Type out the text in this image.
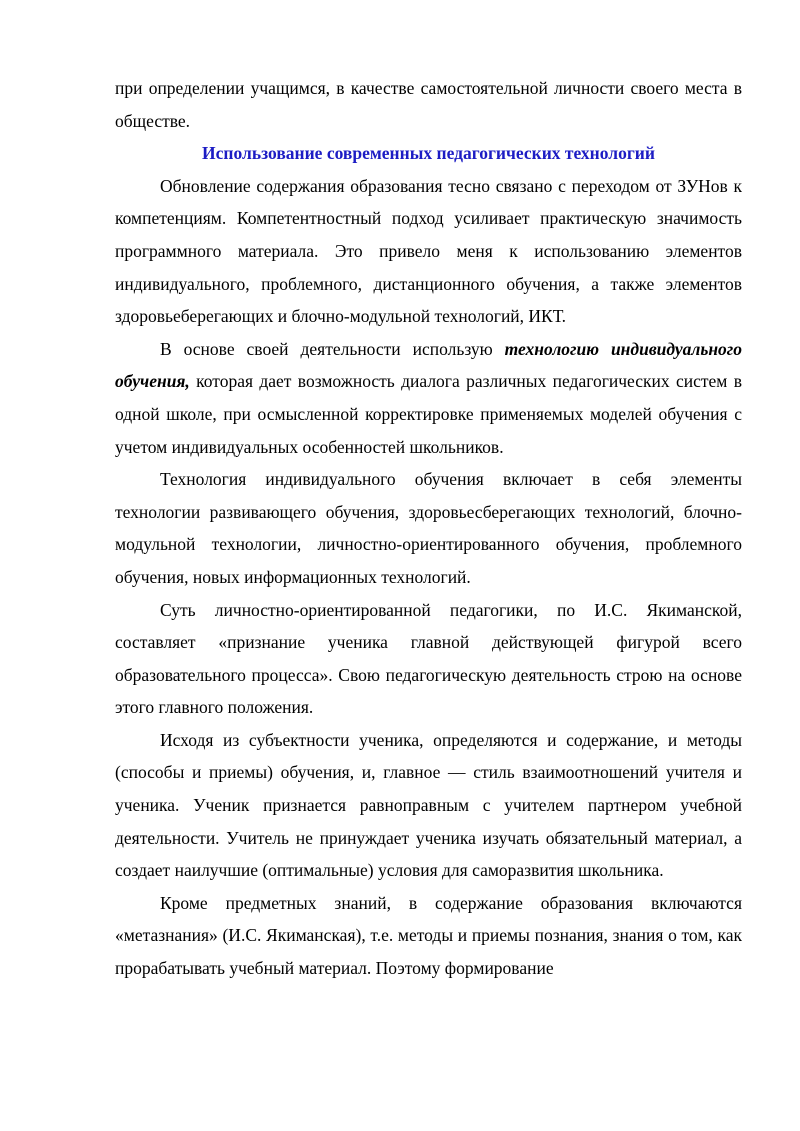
при определении учащимся, в качестве самостоятельной личности своего места в обществе.

Использование современных педагогических технологий

Обновление содержания образования тесно связано с переходом от ЗУНов к компетенциям. Компетентностный подход усиливает практическую значимость программного материала. Это привело меня к использованию элементов индивидуального, проблемного, дистанционного обучения, а также элементов здоровьеберегающих и блочно-модульной технологий, ИКТ.

В основе своей деятельности использую технологию индивидуального обучения, которая дает возможность диалога различных педагогических систем в одной школе, при осмысленной корректировке применяемых моделей обучения с учетом индивидуальных особенностей школьников.

Технология индивидуального обучения включает в себя элементы технологии развивающего обучения, здоровьесберегающих технологий, блочно-модульной технологии, личностно-ориентированного обучения, проблемного обучения, новых информационных технологий.

Суть личностно-ориентированной педагогики, по И.С. Якиманской, составляет «признание ученика главной действующей фигурой всего образовательного процесса». Свою педагогическую деятельность строю на основе этого главного положения.

Исходя из субъектности ученика, определяются и содержание, и методы (способы и приемы) обучения, и, главное — стиль взаимоотношений учителя и ученика. Ученик признается равноправным с учителем партнером учебной деятельности. Учитель не принуждает ученика изучать обязательный материал, а создает наилучшие (оптимальные) условия для саморазвития школьника.

Кроме предметных знаний, в содержание образования включаются «метазнания» (И.С. Якиманская), т.е. методы и приемы познания, знания о том, как прорабатывать учебный материал. Поэтому формирование
